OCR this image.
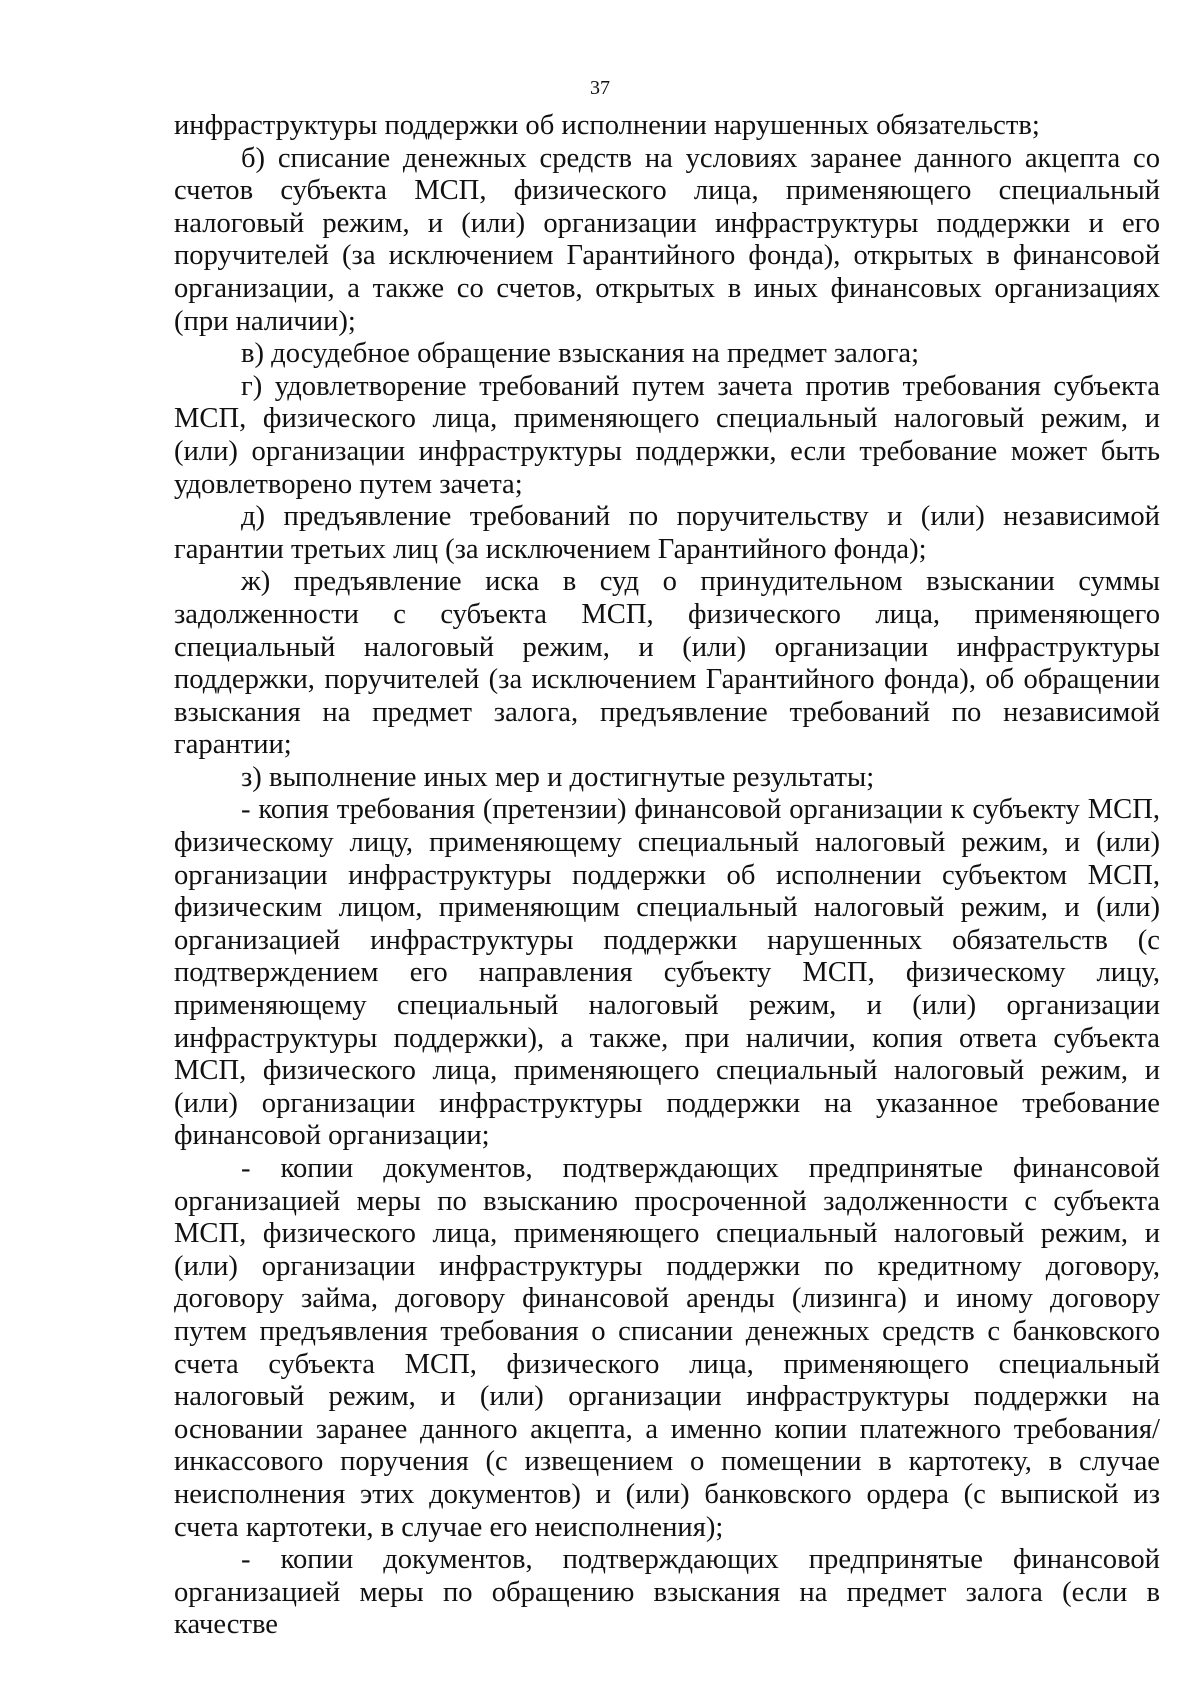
37

инфраструктуры поддержки об исполнении нарушенных обязательств;

б) списание денежных средств на условиях заранее данного акцепта со счетов субъекта МСП, физического лица, применяющего специальный налоговый режим, и (или) организации инфраструктуры поддержки и его поручителей (за исключением Гарантийного фонда), открытых в финансовой организации, а также со счетов, открытых в иных финансовых организациях (при наличии);

в) досудебное обращение взыскания на предмет залога;

г) удовлетворение требований путем зачета против требования субъекта МСП, физического лица, применяющего специальный налоговый режим, и (или) организации инфраструктуры поддержки, если требование может быть удовлетворено путем зачета;

д) предъявление требований по поручительству и (или) независимой гарантии третьих лиц (за исключением Гарантийного фонда);

ж) предъявление иска в суд о принудительном взыскании суммы задолженности с субъекта МСП, физического лица, применяющего специальный налоговый режим, и (или) организации инфраструктуры поддержки, поручителей (за исключением Гарантийного фонда), об обращении взыскания на предмет залога, предъявление требований по независимой гарантии;

з) выполнение иных мер и достигнутые результаты;

- копия требования (претензии) финансовой организации к субъекту МСП, физическому лицу, применяющему специальный налоговый режим, и (или) организации инфраструктуры поддержки об исполнении субъектом МСП, физическим лицом, применяющим специальный налоговый режим, и (или) организацией инфраструктуры поддержки нарушенных обязательств (с подтверждением его направления субъекту МСП, физическому лицу, применяющему специальный налоговый режим, и (или) организации инфраструктуры поддержки), а также, при наличии, копия ответа субъекта МСП, физического лица, применяющего специальный налоговый режим, и (или) организации инфраструктуры поддержки на указанное требование финансовой организации;

- копии документов, подтверждающих предпринятые финансовой организацией меры по взысканию просроченной задолженности с субъекта МСП, физического лица, применяющего специальный налоговый режим, и (или) организации инфраструктуры поддержки по кредитному договору, договору займа, договору финансовой аренды (лизинга) и иному договору путем предъявления требования о списании денежных средств с банковского счета субъекта МСП, физического лица, применяющего специальный налоговый режим, и (или) организации инфраструктуры поддержки на основании заранее данного акцепта, а именно копии платежного требования/инкассового поручения (с извещением о помещении в картотеку, в случае неисполнения этих документов) и (или) банковского ордера (с выпиской из счета картотеки, в случае его неисполнения);

- копии документов, подтверждающих предпринятые финансовой организацией меры по обращению взыскания на предмет залога (если в качестве
